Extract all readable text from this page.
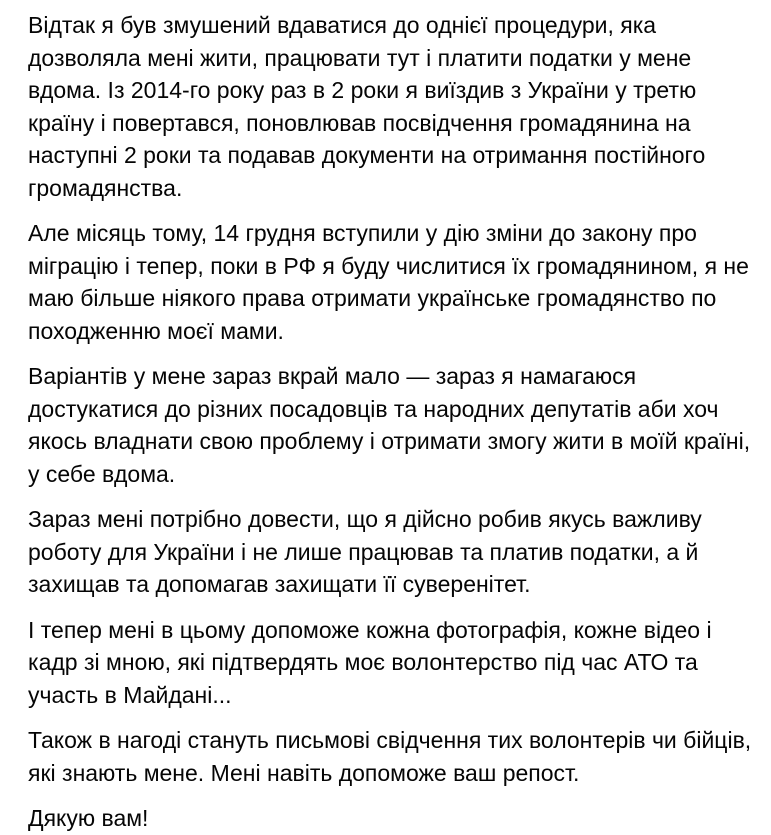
Відтак я був змушений вдаватися до однієї процедури, яка дозволяла мені жити, працювати тут і платити податки у мене вдома. Із 2014-го року раз в 2 роки я виїздив з України у третю країну і повертався, поновлював посвідчення громадянина на наступні 2 роки та подавав документи на отримання постійного громадянства.

Але місяць тому, 14 грудня вступили у дію зміни до закону про міграцію і тепер, поки в РФ я буду числитися їх громадянином, я не маю більше ніякого права отримати українське громадянство по походженню моєї мами.

Варіантів у мене зараз вкрай мало — зараз я намагаюся достукатися до різних посадовців та народних депутатів аби хоч якось владнати свою проблему і отримати змогу жити в моїй країні, у себе вдома.

Зараз мені потрібно довести, що я дійсно робив якусь важливу роботу для України і не лише працював та платив податки, а й захищав та допомагав захищати її суверенітет.

І тепер мені в цьому допоможе кожна фотографія, кожне відео і кадр зі мною, які підтвердять моє волонтерство під час АТО та участь в Майдані...

Також в нагоді стануть письмові свідчення тих волонтерів чи бійців, які знають мене. Мені навіть допоможе ваш репост.

Дякую вам!
